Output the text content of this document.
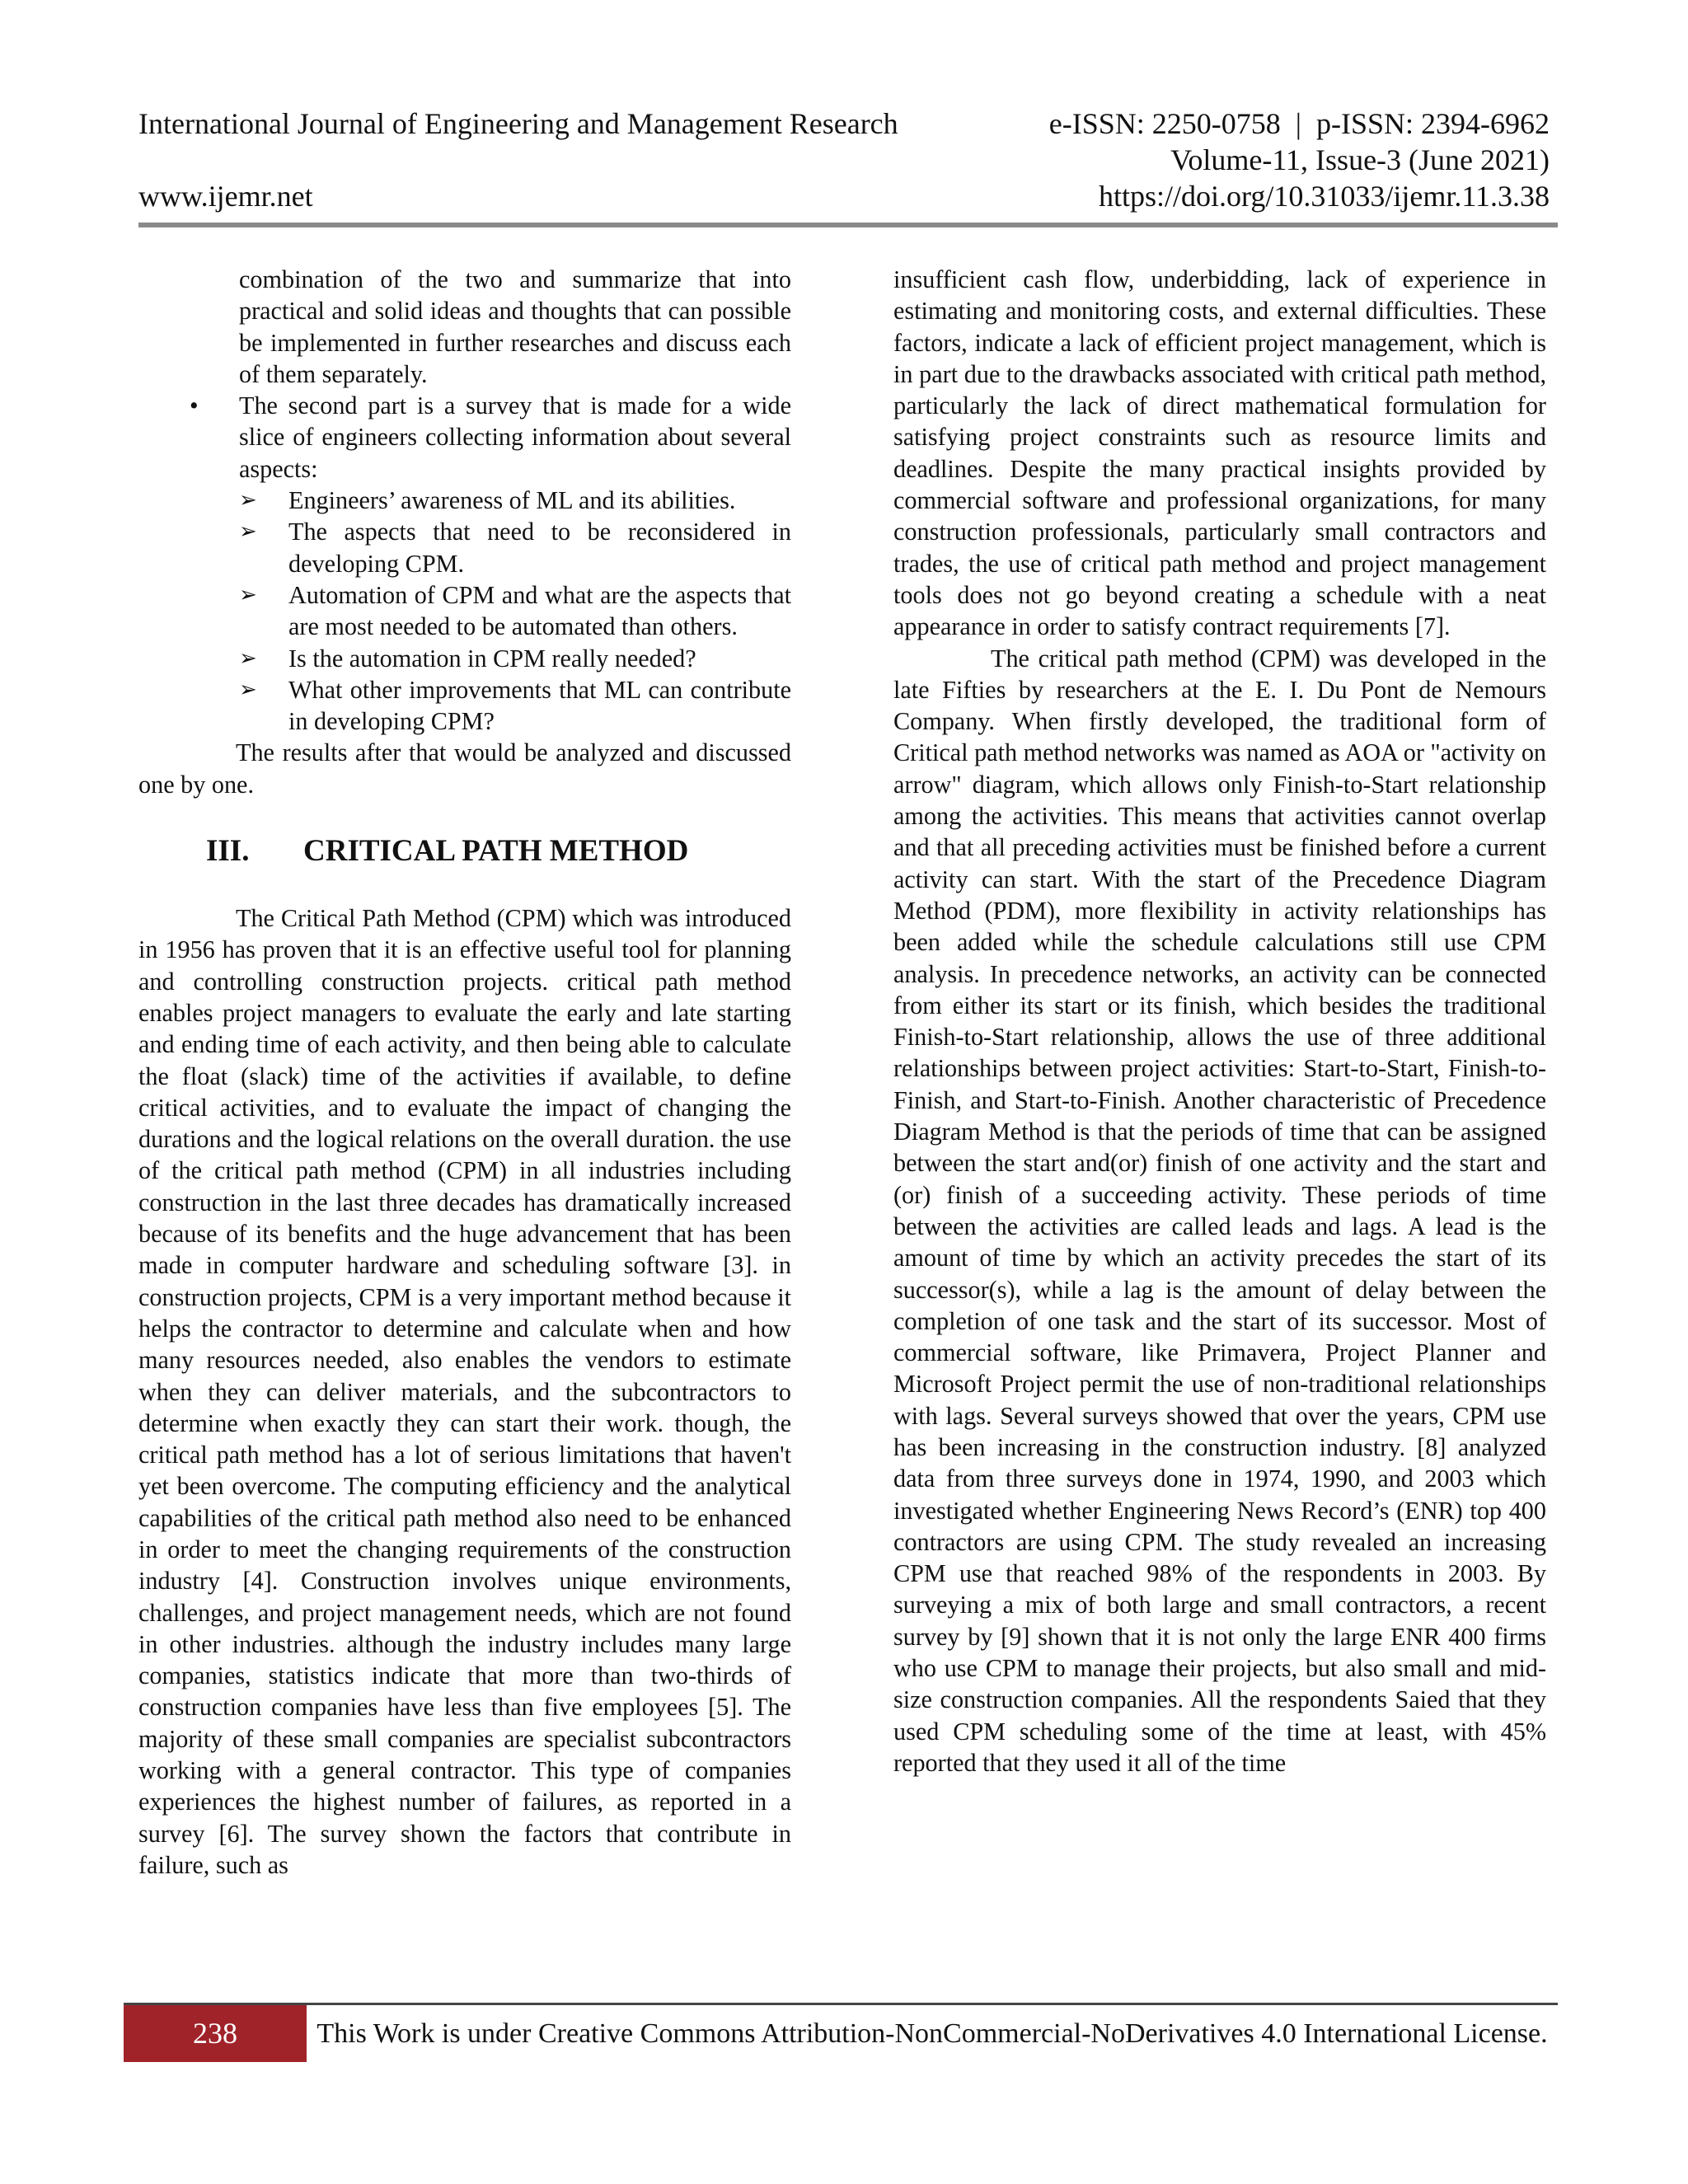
International Journal of Engineering and Management Research	e-ISSN: 2250-0758  |  p-ISSN: 2394-6962
Volume-11, Issue-3 (June 2021)
www.ijemr.net	https://doi.org/10.31033/ijemr.11.3.38

combination of the two and summarize that into practical and solid ideas and thoughts that can possible be implemented in further researches and discuss each of them separately.

• The second part is a survey that is made for a wide slice of engineers collecting information about several aspects:

➢ Engineers’ awareness of ML and its abilities.

➢ The aspects that need to be reconsidered in developing CPM.

➢ Automation of CPM and what are the aspects that are most needed to be automated than others.

➢ Is the automation in CPM really needed?

➢ What other improvements that ML can contribute in developing CPM?

The results after that would be analyzed and discussed one by one.

III.	CRITICAL PATH METHOD

The Critical Path Method (CPM) which was introduced in 1956 has proven that it is an effective useful tool for planning and controlling construction projects. critical path method enables project managers to evaluate the early and late starting and ending time of each activity, and then being able to calculate the float (slack) time of the activities if available, to define critical activities, and to evaluate the impact of changing the durations and the logical relations on the overall duration. the use of the critical path method (CPM) in all industries including construction in the last three decades has dramatically increased because of its benefits and the huge advancement that has been made in computer hardware and scheduling software [3]. in construction projects, CPM is a very important method because it helps the contractor to determine and calculate when and how many resources needed, also enables the vendors to estimate when they can deliver materials, and the subcontractors to determine when exactly they can start their work. though, the critical path method has a lot of serious limitations that haven't yet been overcome. The computing efficiency and the analytical capabilities of the critical path method also need to be enhanced in order to meet the changing requirements of the construction industry [4]. Construction involves unique environments, challenges, and project management needs, which are not found in other industries. although the industry includes many large companies, statistics indicate that more than two-thirds of construction companies have less than five employees [5]. The majority of these small companies are specialist subcontractors working with a general contractor. This type of companies experiences the highest number of failures, as reported in a survey [6]. The survey shown the factors that contribute in failure, such as

insufficient cash flow, underbidding, lack of experience in estimating and monitoring costs, and external difficulties. These factors, indicate a lack of efficient project management, which is in part due to the drawbacks associated with critical path method, particularly the lack of direct mathematical formulation for satisfying project constraints such as resource limits and deadlines. Despite the many practical insights provided by commercial software and professional organizations, for many construction professionals, particularly small contractors and trades, the use of critical path method and project management tools does not go beyond creating a schedule with a neat appearance in order to satisfy contract requirements [7].

The critical path method (CPM) was developed in the late Fifties by researchers at the E. I. Du Pont de Nemours Company. When firstly developed, the traditional form of Critical path method networks was named as AOA or "activity on arrow" diagram, which allows only Finish-to-Start relationship among the activities. This means that activities cannot overlap and that all preceding activities must be finished before a current activity can start. With the start of the Precedence Diagram Method (PDM), more flexibility in activity relationships has been added while the schedule calculations still use CPM analysis. In precedence networks, an activity can be connected from either its start or its finish, which besides the traditional Finish-to-Start relationship, allows the use of three additional relationships between project activities: Start-to-Start, Finish-to-Finish, and Start-to-Finish. Another characteristic of Precedence Diagram Method is that the periods of time that can be assigned between the start and(or) finish of one activity and the start and (or) finish of a succeeding activity. These periods of time between the activities are called leads and lags. A lead is the amount of time by which an activity precedes the start of its successor(s), while a lag is the amount of delay between the completion of one task and the start of its successor. Most of commercial software, like Primavera, Project Planner and Microsoft Project permit the use of non-traditional relationships with lags. Several surveys showed that over the years, CPM use has been increasing in the construction industry. [8] analyzed data from three surveys done in 1974, 1990, and 2003 which investigated whether Engineering News Record’s (ENR) top 400 contractors are using CPM. The study revealed an increasing CPM use that reached 98% of the respondents in 2003. By surveying a mix of both large and small contractors, a recent survey by [9] shown that it is not only the large ENR 400 firms who use CPM to manage their projects, but also small and mid-size construction companies. All the respondents Saied that they used CPM scheduling some of the time at least, with 45% reported that they used it all of the time

238	This Work is under Creative Commons Attribution-NonCommercial-NoDerivatives 4.0 International License.
